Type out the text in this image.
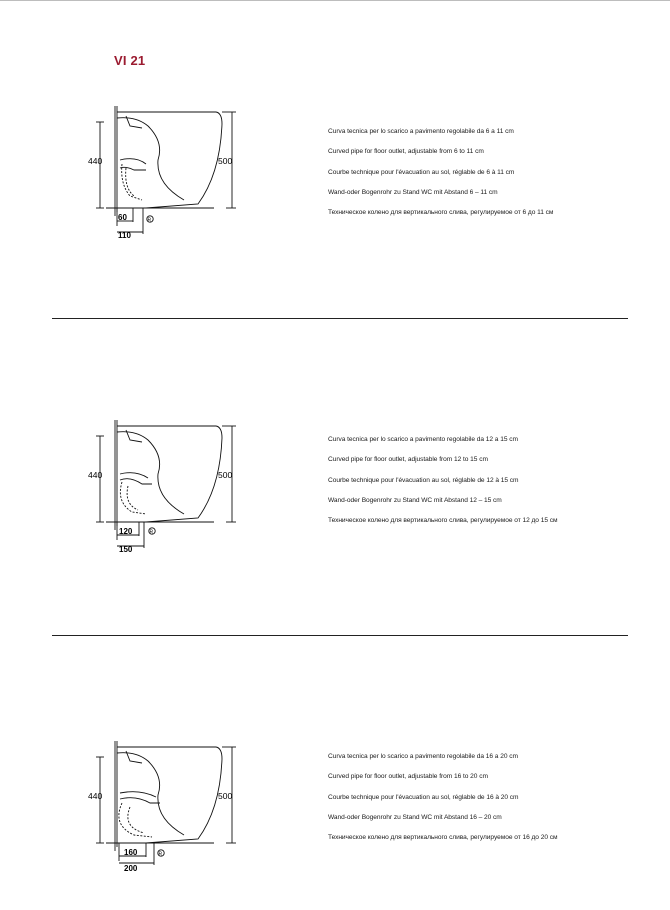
VI 21
440	500
60
110
R
Curva tecnica per lo scarico a pavimento regolabile da 6 a 11 cm
Curved pipe for floor outlet, adjustable from 6 to 11 cm
Courbe technique pour l'évacuation au sol, réglable de 6 à 11 cm
Wand-oder Bogenrohr zu Stand WC mit Abstand 6 – 11 cm
Техническое колено для вертикального слива, регулируемое от 6 до 11 см
440	500
120
150
R
Curva tecnica per lo scarico a pavimento regolabile da 12 a 15 cm
Curved pipe for floor outlet, adjustable from 12 to 15 cm
Courbe technique pour l'évacuation au sol, réglable de 12 à 15 cm
Wand-oder Bogenrohr zu Stand WC mit Abstand 12 – 15 cm
Техническое колено для вертикального слива, регулируемое от 12 до 15 см
440	500
160
200
R
Curva tecnica per lo scarico a pavimento regolabile da 16 a 20 cm
Curved pipe for floor outlet, adjustable from 16 to 20 cm
Courbe technique pour l'évacuation au sol, réglable de 16 à 20 cm
Wand-oder Bogenrohr zu Stand WC mit Abstand 16 – 20 cm
Техническое колено для вертикального слива, регулируемое от 16 до 20 см
